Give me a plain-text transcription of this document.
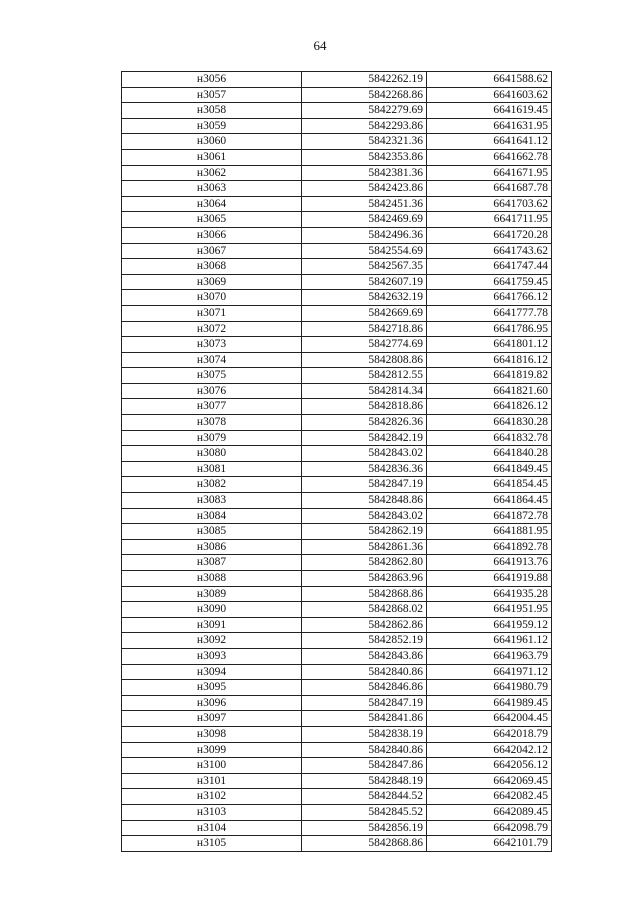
64
н3056	5842262.19	6641588.62
н3057	5842268.86	6641603.62
н3058	5842279.69	6641619.45
н3059	5842293.86	6641631.95
н3060	5842321.36	6641641.12
н3061	5842353.86	6641662.78
н3062	5842381.36	6641671.95
н3063	5842423.86	6641687.78
н3064	5842451.36	6641703.62
н3065	5842469.69	6641711.95
н3066	5842496.36	6641720.28
н3067	5842554.69	6641743.62
н3068	5842567.35	6641747.44
н3069	5842607.19	6641759.45
н3070	5842632.19	6641766.12
н3071	5842669.69	6641777.78
н3072	5842718.86	6641786.95
н3073	5842774.69	6641801.12
н3074	5842808.86	6641816.12
н3075	5842812.55	6641819.82
н3076	5842814.34	6641821.60
н3077	5842818.86	6641826.12
н3078	5842826.36	6641830.28
н3079	5842842.19	6641832.78
н3080	5842843.02	6641840.28
н3081	5842836.36	6641849.45
н3082	5842847.19	6641854.45
н3083	5842848.86	6641864.45
н3084	5842843.02	6641872.78
н3085	5842862.19	6641881.95
н3086	5842861.36	6641892.78
н3087	5842862.80	6641913.76
н3088	5842863.96	6641919.88
н3089	5842868.86	6641935.28
н3090	5842868.02	6641951.95
н3091	5842862.86	6641959.12
н3092	5842852.19	6641961.12
н3093	5842843.86	6641963.79
н3094	5842840.86	6641971.12
н3095	5842846.86	6641980.79
н3096	5842847.19	6641989.45
н3097	5842841.86	6642004.45
н3098	5842838.19	6642018.79
н3099	5842840.86	6642042.12
н3100	5842847.86	6642056.12
н3101	5842848.19	6642069.45
н3102	5842844.52	6642082.45
н3103	5842845.52	6642089.45
н3104	5842856.19	6642098.79
н3105	5842868.86	6642101.79
